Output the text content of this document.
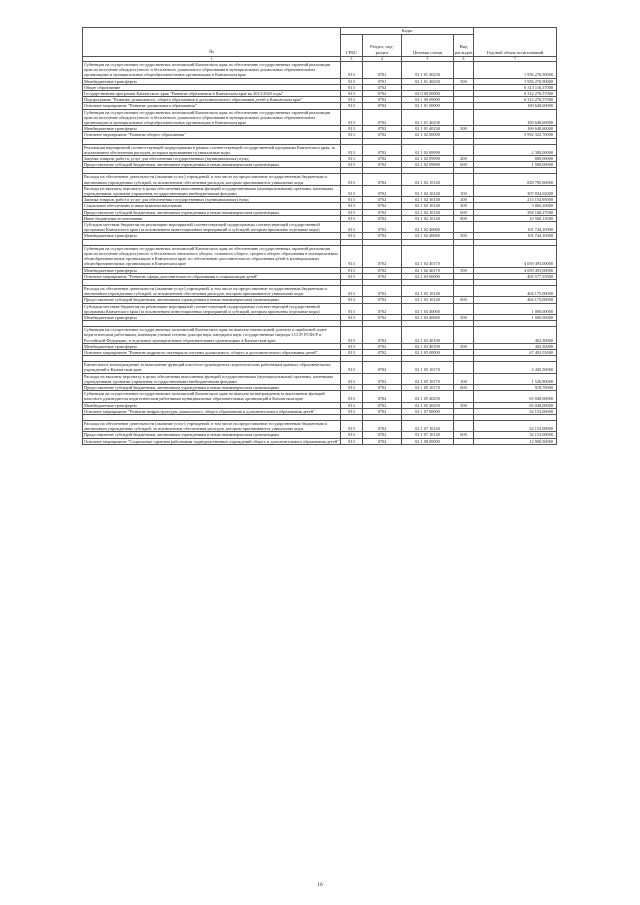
№	Коды				Годовой объем ассигнований
	ГРБС	Раздел, под-раздел	Целевая статья	Вид расходов	
1	3	4	5	6	7
Субвенции на осуществление государственных полномочий Камчатского края по обеспечению государственных гарантий реализации прав на получение общедоступного и бесплатного дошкольного образования в муниципальных дошкольных образовательных организациях и муниципальных общеобразовательных организациях в Камчатском крае	813	0701	02 1 01 40230		1 956 276,90000
Межбюджетные трансферты	813	0701	02 1 01 40230	500	1 956 276,90000
Общее образование	813	0702			6 313 116,37000
Государственная программа Камчатского края "Развитие образования в Камчатском крае на 2014-2020 годы"	813	0702	02 0 00 00000		6 312 276,57000
Подпрограмма "Развитие дошкольного, общего образования и дополнительного образования детей в Камчатском крае"	813	0702	02 1 00 00000		6 312 276,57000
Основное мероприятие "Развитие дошкольного образования"	813	0702	02 1 01 00000		169 648,60000
Субвенции на осуществление государственных полномочий Камчатского края по обеспечению государственных гарантий реализации прав на получение общедоступного и бесплатного дошкольного образования в муниципальных дошкольных образовательных организациях и муниципальных общеобразовательных организациях в Камчатском крае	813	0702	02 1 01 40230		169 648,60000
Межбюджетные трансферты	813	0702	02 1 01 40230	500	169 648,60000
Основное мероприятие "Развитие общего образования"	813	0702	02 1 02 00000		5 992 322,70000

Реализация мероприятий соответствующей подпрограммы в рамках соответствующей государственной программы Камчатского края, за исключением обеспечения расходов, которым присваиваются уникальные коды	813	0702	02 1 02 09990		2 300,00000
Закупка товаров, работ и услуг для обеспечения государственных (муниципальных) нужд	813	0702	02 1 02 09990	200	800,00000
Предоставление субсидий бюджетным, автономным учреждениям и иным некоммерческим организациям	813	0702	02 1 02 09990	600	1 500,00000

Расходы на обеспечение деятельности (оказание услуг) учреждений, в том числе на предоставление государственным бюджетным и автономным учреждениям субсидий, за исключением обеспечения расходов, которым присваиваются уникальные коды	813	0702	02 1 02 10140		828 785,60000
Расходы на выплаты персоналу в целях обеспечения выполнения функций государственными (муниципальными) органами, казенными учреждениями, органами управления государственными внебюджетными фондами	813	0702	02 1 02 10140	100	307 834,02000
Закупка товаров, работ и услуг для обеспечения государственных (муниципальных) нужд	813	0702	02 1 02 10140	200	213 154,95000
Социальное обеспечение и иные выплаты населению	813	0702	02 1 02 10140	300	3 060,20000
Предоставление субсидий бюджетным, автономным учреждениям и иным некоммерческим организациям	813	0702	02 1 02 10140	600	294 168,27000
Иные бюджетные ассигнования	813	0702	02 1 02 10140	800	10 568,13000
Субсидии местным бюджетам на реализацию мероприятий соответствующей подпрограммы соответствующей государственной программы Камчатского края (за исключением инвестиционных мероприятий и субсидий, которым присвоены отдельные коды)	813	0702	02 1 02 40060		101 744,10000
Межбюджетные трансферты	813	0702	02 1 02 40060	500	101 744,10000

Субвенции на осуществление государственных полномочий Камчатского края по обеспечению государственных гарантий реализации прав на получение общедоступного и бесплатного начального общего, основного общего, среднего общего образования в муниципальных общеобразовательных организациях в Камчатском крае, по обеспечению дополнительного образования детей в муниципальных общеобразовательных организациях в Камчатском крае	813	0702	02 1 02 40170		4 659 493,00000
Межбюджетные трансферты	813	0702	02 1 02 40170	500	4 659 493,00000
Основное мероприятие "Развитие сферы дополнительного образования и социализации детей"	813	0702	02 1 03 00000		405 577,35000

Расходы на обеспечение деятельности (оказание услуг) учреждений, в том числе на предоставление государственным бюджетным и автономным учреждениям субсидий, за исключением обеспечения расходов, которым присваиваются уникальные коды	813	0702	02 1 03 10140		404 175,00000
Предоставление субсидий бюджетным, автономным учреждениям и иным некоммерческим организациям	813	0702	02 1 03 10140	600	404 175,00000
Субсидии местным бюджетам на реализацию мероприятий соответствующей подпрограммы соответствующей государственной программы Камчатского края (за исключением инвестиционных мероприятий и субсидий, которым присвоены отдельные коды)	813	0702	02 1 03 40060		1 000,00000
Межбюджетные трансферты	813	0702	02 1 03 40060	500	1 000,00000

Субвенции на осуществление государственных полномочий Камчатского края по выплате ежемесячной доплаты к заработной плате педагогическим работникам, имеющим ученые степени доктора наук, кандидата наук, государственные награды СССР, РСФСР и Российской Федерации, в отдельных муниципальных образовательных организациях в Камчатском крае	813	0702	02 1 03 40190		402,30000
Межбюджетные трансферты	813	0702	02 1 03 40190	500	402,30000
Основное мероприятие "Развитие кадрового потенциала системы дошкольного, общего и дополнительного образования детей"	813	0702	02 1 05 00000		67 493,55000

Ежемесячное вознаграждение за выполнение функций классного руководителя педагогическим работникам краевых образовательных учреждений в Камчатском крае	813	0702	02 1 05 10170		2 445,50000
Расходы на выплаты персоналу в целях обеспечения выполнения функций государственными (муниципальными) органами, казенными учреждениями, органами управления государственными внебюджетными фондами	813	0702	02 1 05 10170	100	1 526,80000
Предоставление субсидий бюджетным, автономным учреждениям и иным некоммерческим организациям	813	0702	02 1 05 10170	600	918,70000
Субвенции на осуществление государственных полномочий Камчатского края по выплате вознаграждения за выполнение функций классного руководителя педагогическим работникам муниципальных образовательных организаций в Камчатском крае	813	0702	02 1 05 40250		65 048,00000
Межбюджетные трансферты	813	0702	02 1 05 40250	500	65 048,00000
Основное мероприятие "Развитие инфраструктуры дошкольного, общего образования и дополнительного образования детей"	813	0702	02 1 07 00000		32 153,00000

Расходы на обеспечение деятельности (оказание услуг) учреждений, в том числе на предоставление государственным бюджетным и автономным учреждениям субсидий, за исключением обеспечения расходов, которым присваиваются уникальные коды	813	0702	02 1 07 10140		32 153,00000
Предоставление субсидий бюджетным, автономным учреждениям и иным некоммерческим организациям	813	0702	02 1 07 10140	600	32 153,00000
Основное мероприятие "Социальные гарантии работникам подведомственных учреждений общего и дополнительного образования детей"	813	0702	02 1 08 00000		12 000,50000
16
